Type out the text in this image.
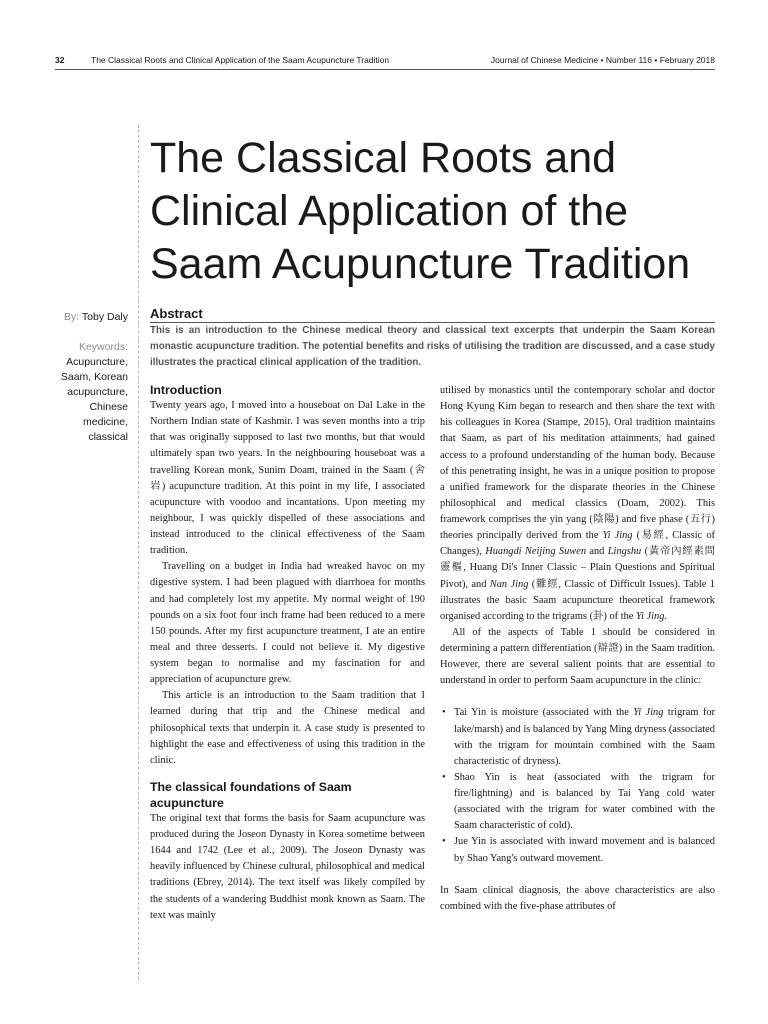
32	The Classical Roots and Clinical Application of the Saam Acupuncture Tradition	Journal of Chinese Medicine • Number 116 • February 2018
The Classical Roots and
Clinical Application of the
Saam Acupuncture Tradition
By: Toby Daly
Keywords:
Acupuncture,
Saam, Korean
acupuncture,
Chinese
medicine,
classical
Abstract

This is an introduction to the Chinese medical theory and classical text excerpts that underpin the Saam Korean monastic acupuncture tradition. The potential benefits and risks of utilising the tradition are discussed, and a case study illustrates the practical clinical application of the tradition.

Introduction

Twenty years ago, I moved into a houseboat on Dal Lake in the Northern Indian state of Kashmir. I was seven months into a trip that was originally supposed to last two months, but that would ultimately span two years. In the neighbouring houseboat was a travelling Korean monk, Sunim Doam, trained in the Saam (舍岩) acupuncture tradition. At this point in my life, I associated acupuncture with voodoo and incantations. Upon meeting my neighbour, I was quickly dispelled of these associations and instead introduced to the clinical effectiveness of the Saam tradition.

Travelling on a budget in India had wreaked havoc on my digestive system. I had been plagued with diarrhoea for months and had completely lost my appetite. My normal weight of 190 pounds on a six foot four inch frame had been reduced to a mere 150 pounds. After my first acupuncture treatment, I ate an entire meal and three desserts. I could not believe it. My digestive system began to normalise and my fascination for and appreciation of acupuncture grew.

This article is an introduction to the Saam tradition that I learned during that trip and the Chinese medical and philosophical texts that underpin it. A case study is presented to highlight the ease and effectiveness of using this tradition in the clinic.

The classical foundations of Saam acupuncture

The original text that forms the basis for Saam acupuncture was produced during the Joseon Dynasty in Korea sometime between 1644 and 1742 (Lee et al., 2009). The Joseon Dynasty was heavily influenced by Chinese cultural, philosophical and medical traditions (Ebrey, 2014). The text itself was likely compiled by the students of a wandering Buddhist monk known as Saam. The text was mainly

utilised by monastics until the contemporary scholar and doctor Hong Kyung Kim began to research and then share the text with his colleagues in Korea (Stampe, 2015). Oral tradition maintains that Saam, as part of his meditation attainments, had gained access to a profound understanding of the human body. Because of this penetrating insight, he was in a unique position to propose a unified framework for the disparate theories in the Chinese philosophical and medical classics (Doam, 2002). This framework comprises the yin yang (陰陽) and five phase (五行) theories principally derived from the Yi Jing (易經, Classic of Changes), Huangdi Neijing Suwen and Lingshu (黃帝內經素問靈樞, Huang Di's Inner Classic – Plain Questions and Spiritual Pivot), and Nan Jing (難經, Classic of Difficult Issues). Table 1 illustrates the basic Saam acupuncture theoretical framework organised according to the trigrams (卦) of the Yi Jing.

All of the aspects of Table 1 should be considered in determining a pattern differentiation (辯證) in the Saam tradition. However, there are several salient points that are essential to understand in order to perform Saam acupuncture in the clinic:

• Tai Yin is moisture (associated with the Yi Jing trigram for lake/marsh) and is balanced by Yang Ming dryness (associated with the trigram for mountain combined with the Saam characteristic of dryness).
• Shao Yin is heat (associated with the trigram for fire/lightning) and is balanced by Tai Yang cold water (associated with the trigram for water combined with the Saam characteristic of cold).
• Jue Yin is associated with inward movement and is balanced by Shao Yang's outward movement.

In Saam clinical diagnosis, the above characteristics are also combined with the five-phase attributes of
